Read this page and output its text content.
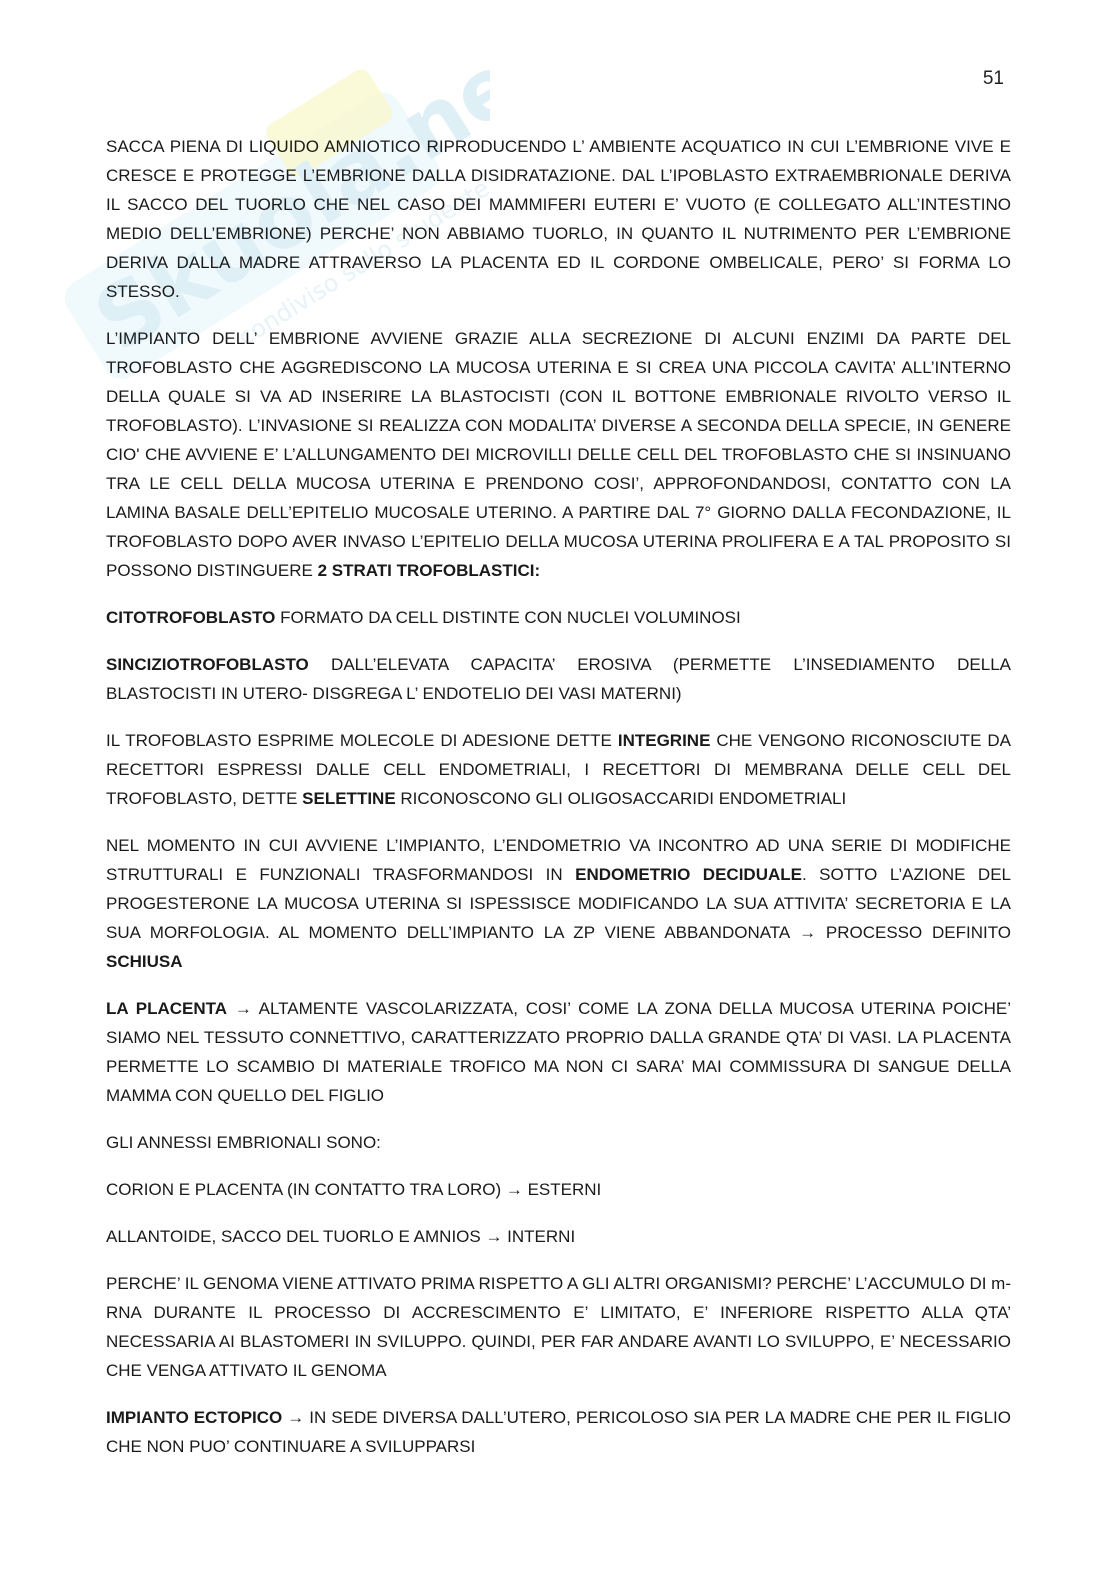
Skuola.net
condiviso sullo studente
51

SACCA PIENA DI LIQUIDO AMNIOTICO RIPRODUCENDO L’ AMBIENTE ACQUATICO IN CUI L’EMBRIONE VIVE E CRESCE E PROTEGGE L’EMBRIONE DALLA DISIDRATAZIONE. DAL L’IPOBLASTO EXTRAEMBRIONALE DERIVA IL SACCO DEL TUORLO CHE NEL CASO DEI MAMMIFERI EUTERI E’ VUOTO (E COLLEGATO ALL’INTESTINO MEDIO DELL’EMBRIONE) PERCHE’ NON ABBIAMO TUORLO, IN QUANTO IL NUTRIMENTO PER L’EMBRIONE DERIVA DALLA MADRE ATTRAVERSO LA PLACENTA ED IL CORDONE OMBELICALE, PERO’ SI FORMA LO STESSO.

L’IMPIANTO DELL’ EMBRIONE AVVIENE GRAZIE ALLA SECREZIONE DI ALCUNI ENZIMI DA PARTE DEL TROFOBLASTO CHE AGGREDISCONO LA MUCOSA UTERINA E SI CREA UNA PICCOLA CAVITA’ ALL’INTERNO DELLA QUALE SI VA AD INSERIRE LA BLASTOCISTI (CON IL BOTTONE EMBRIONALE RIVOLTO VERSO IL TROFOBLASTO). L’INVASIONE SI REALIZZA CON MODALITA’ DIVERSE A SECONDA DELLA SPECIE, IN GENERE CIO' CHE AVVIENE E’ L’ALLUNGAMENTO DEI MICROVILLI DELLE CELL DEL TROFOBLASTO CHE SI INSINUANO TRA LE CELL DELLA MUCOSA UTERINA E PRENDONO COSI’, APPROFONDANDOSI, CONTATTO CON LA LAMINA BASALE DELL’EPITELIO MUCOSALE UTERINO. A PARTIRE DAL 7° GIORNO DALLA FECONDAZIONE, IL TROFOBLASTO DOPO AVER INVASO L’EPITELIO DELLA MUCOSA UTERINA PROLIFERA E A TAL PROPOSITO SI POSSONO DISTINGUERE 2 STRATI TROFOBLASTICI:

CITOTROFOBLASTO FORMATO DA CELL DISTINTE CON NUCLEI VOLUMINOSI

SINCIZIOTROFOBLASTO DALL’ELEVATA CAPACITA’ EROSIVA (PERMETTE L’INSEDIAMENTO DELLA BLASTOCISTI IN UTERO- DISGREGA L’ ENDOTELIO DEI VASI MATERNI)

IL TROFOBLASTO ESPRIME MOLECOLE DI ADESIONE DETTE INTEGRINE CHE VENGONO RICONOSCIUTE DA RECETTORI ESPRESSI DALLE CELL ENDOMETRIALI, I RECETTORI DI MEMBRANA DELLE CELL DEL TROFOBLASTO, DETTE SELETTINE RICONOSCONO GLI OLIGOSACCARIDI ENDOMETRIALI

NEL MOMENTO IN CUI AVVIENE L’IMPIANTO, L’ENDOMETRIO VA INCONTRO AD UNA SERIE DI MODIFICHE STRUTTURALI E FUNZIONALI TRASFORMANDOSI IN ENDOMETRIO DECIDUALE. SOTTO L’AZIONE DEL PROGESTERONE LA MUCOSA UTERINA SI ISPESSISCE MODIFICANDO LA SUA ATTIVITA’ SECRETORIA E LA SUA MORFOLOGIA. AL MOMENTO DELL’IMPIANTO LA ZP VIENE ABBANDONATA → PROCESSO DEFINITO SCHIUSA

LA PLACENTA → ALTAMENTE VASCOLARIZZATA, COSI’ COME LA ZONA DELLA MUCOSA UTERINA POICHE’ SIAMO NEL TESSUTO CONNETTIVO, CARATTERIZZATO PROPRIO DALLA GRANDE QTA’ DI VASI. LA PLACENTA PERMETTE LO SCAMBIO DI MATERIALE TROFICO MA NON CI SARA’ MAI COMMISSURA DI SANGUE DELLA MAMMA CON QUELLO DEL FIGLIO

GLI ANNESSI EMBRIONALI SONO:

CORION E PLACENTA (IN CONTATTO TRA LORO) → ESTERNI

ALLANTOIDE, SACCO DEL TUORLO E AMNIOS → INTERNI

PERCHE’ IL GENOMA VIENE ATTIVATO PRIMA RISPETTO A GLI ALTRI ORGANISMI? PERCHE’ L’ACCUMULO DI m-RNA DURANTE IL PROCESSO DI ACCRESCIMENTO E’ LIMITATO, E’ INFERIORE RISPETTO ALLA QTA’ NECESSARIA AI BLASTOMERI IN SVILUPPO. QUINDI, PER FAR ANDARE AVANTI LO SVILUPPO, E’ NECESSARIO CHE VENGA ATTIVATO IL GENOMA

IMPIANTO ECTOPICO → IN SEDE DIVERSA DALL’UTERO, PERICOLOSO SIA PER LA MADRE CHE PER IL FIGLIO CHE NON PUO’ CONTINUARE A SVILUPPARSI
